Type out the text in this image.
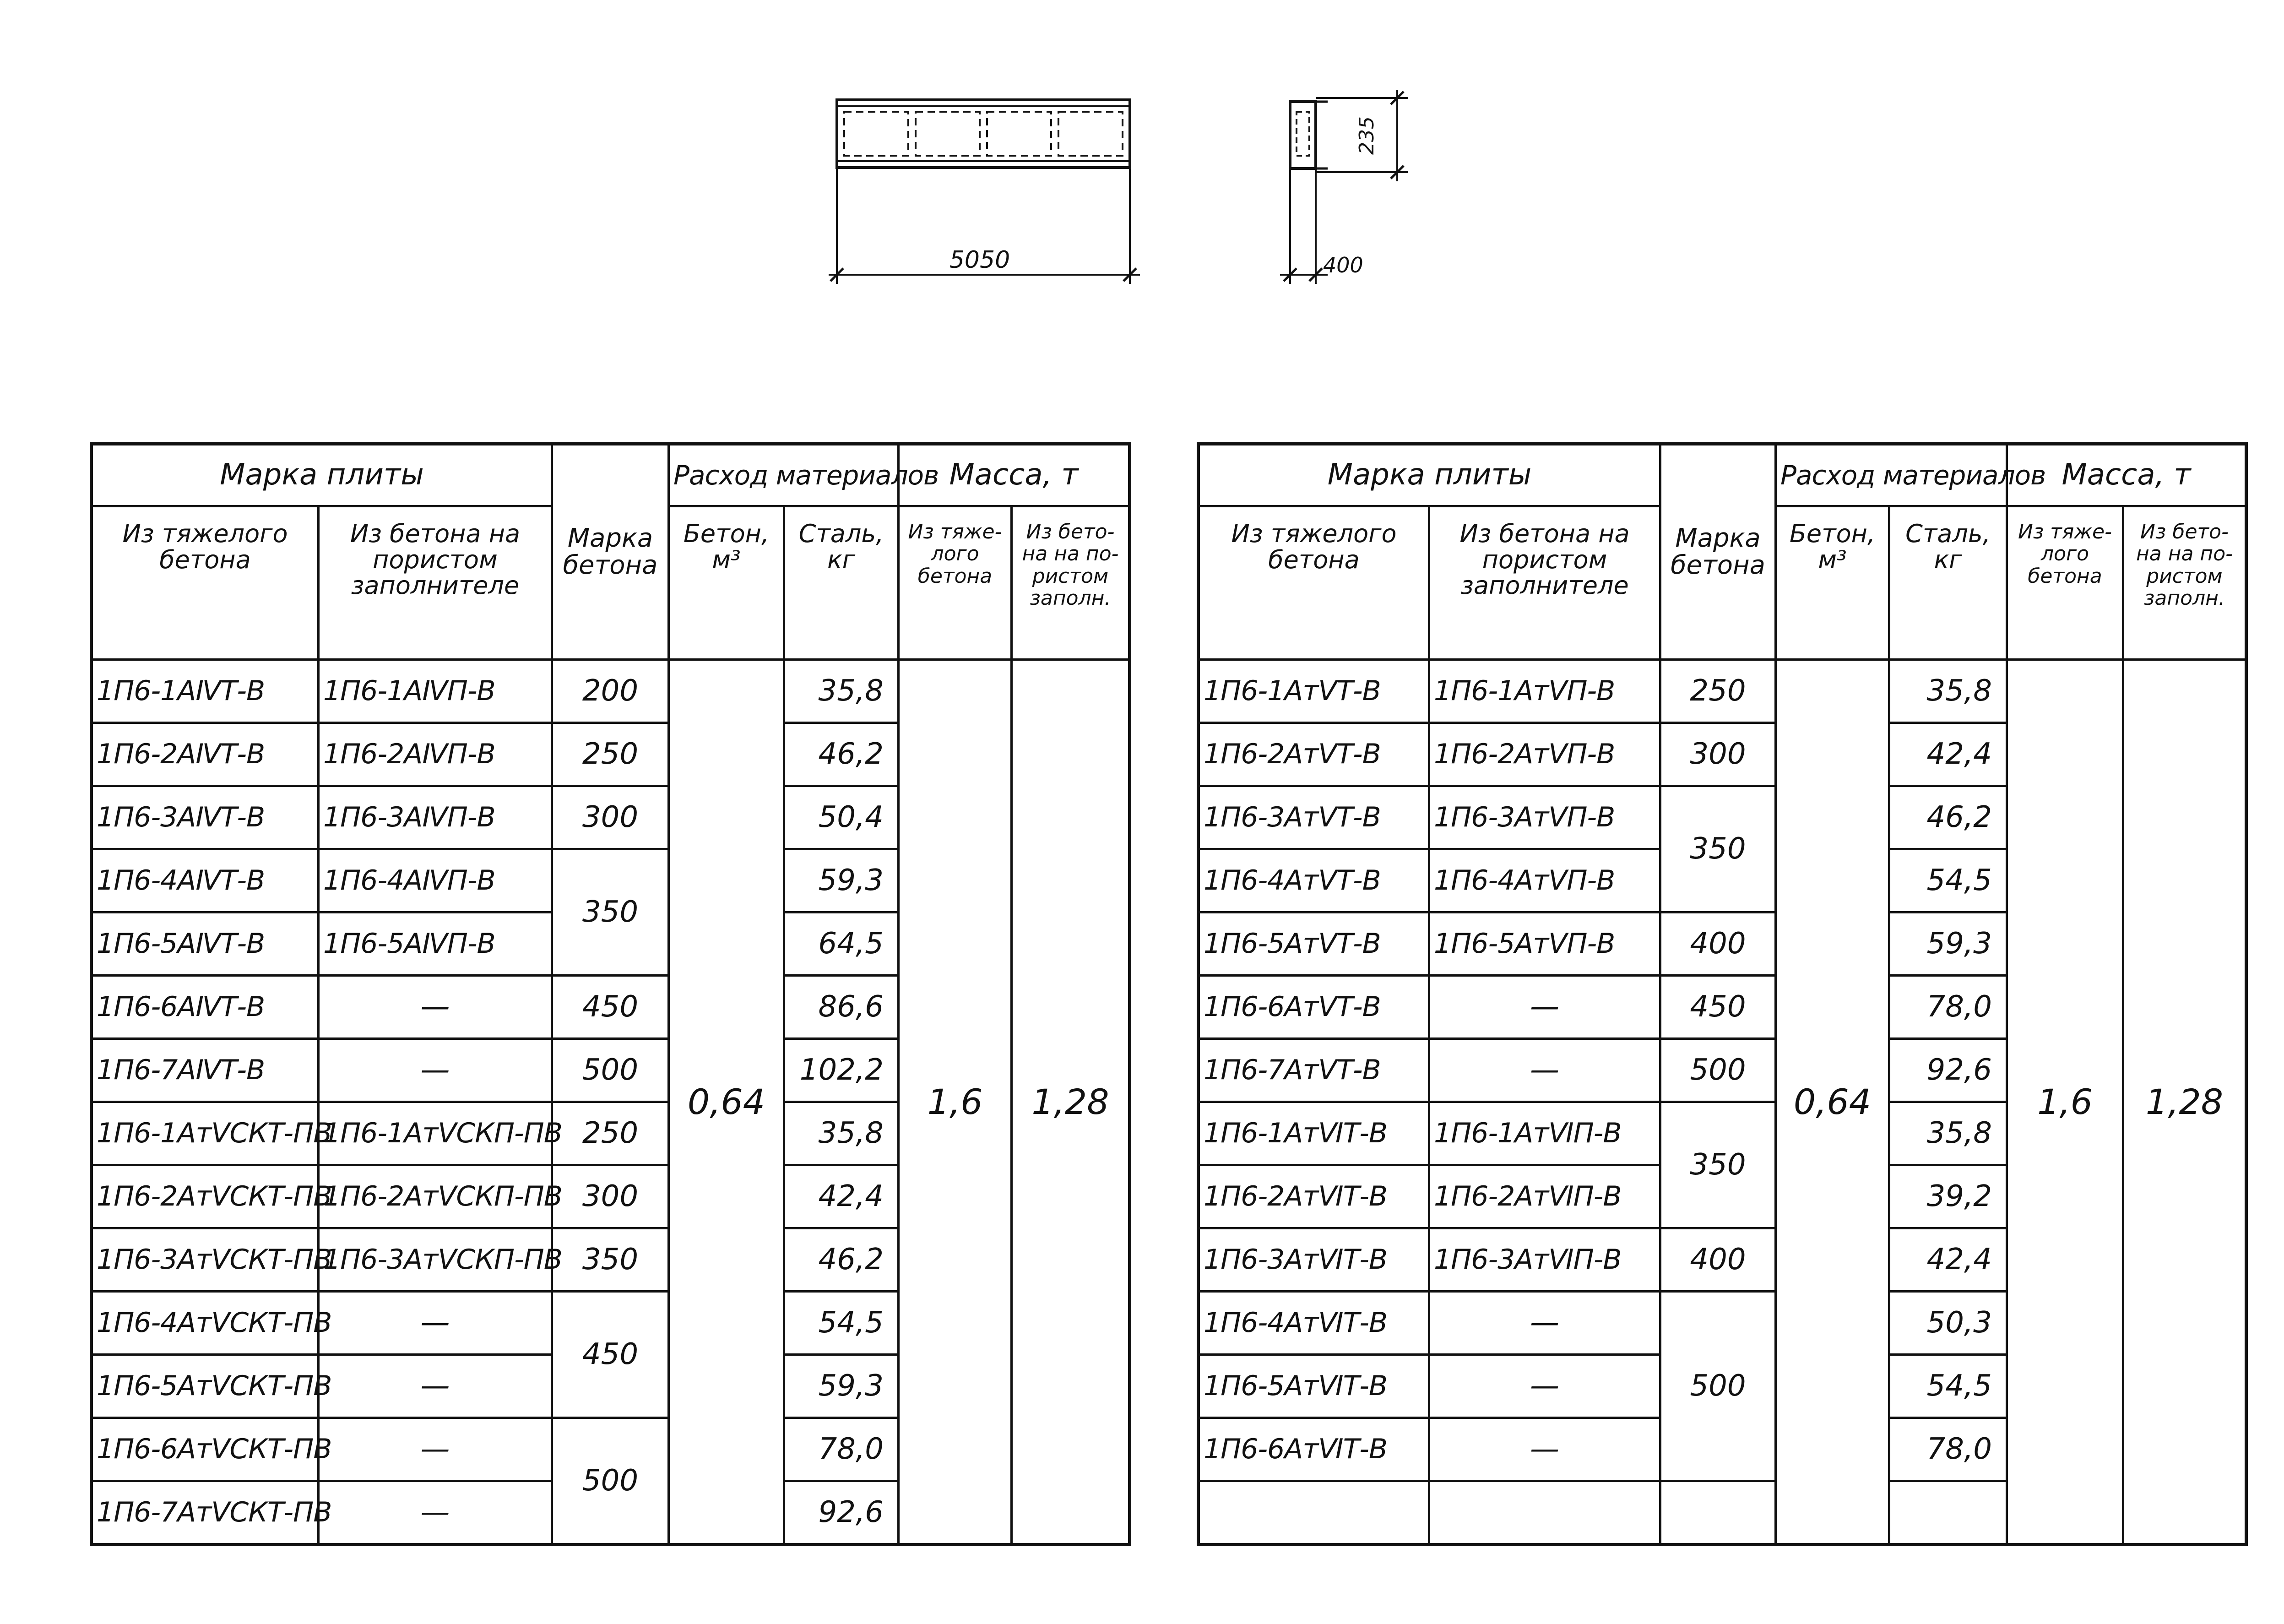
5050	400
235
Марка плиты		Марка бетона	Расход материалов		Масса, т	
Из тяжелого бетона	Из бетона на пористом заполнителе		Бетон, м³	Сталь, кг	Из тяже-лого бетона	Из бето-на на по-ристом заполн.
1П6-1АⅣТ-В	1П6-1АⅣП-В	200	0,64	35,8	1,6	1,28
1П6-2АⅣТ-В	1П6-2АⅣП-В	250		46,2		
1П6-3АⅣТ-В	1П6-3АⅣП-В	300		50,4		
1П6-4АⅣТ-В	1П6-4АⅣП-В	350		59,3		
1П6-5АⅣТ-В	1П6-5АⅣП-В			64,5		
1П6-6АⅣТ-В	—	450		86,6		
1П6-7АⅣТ-В	—	500		102,2		
1П6-1АтⅤСКТ-ПВ	1П6-1АтⅤСКП-ПВ	250		35,8		
1П6-2АтⅤСКТ-ПВ	1П6-2АтⅤСКП-ПВ	300		42,4		
1П6-3АтⅤСКТ-ПВ	1П6-3АтⅤСКП-ПВ	350		46,2		
1П6-4АтⅤСКТ-ПВ	—	450		54,5		
1П6-5АтⅤСКТ-ПВ	—			59,3		
1П6-6АтⅤСКТ-ПВ	—	500		78,0		
1П6-7АтⅤСКТ-ПВ	—			92,6		
Марка плиты		Марка бетона	Расход материалов		Масса, т	
Из тяжелого бетона	Из бетона на пористом заполнителе		Бетон, м³	Сталь, кг	Из тяже-лого бетона	Из бето-на на по-ристом заполн.
1П6-1АтⅤТ-В	1П6-1АтⅤП-В	250	0,64	35,8	1,6	1,28
1П6-2АтⅤТ-В	1П6-2АтⅤП-В	300		42,4		
1П6-3АтⅤТ-В	1П6-3АтⅤП-В	350		46,2		
1П6-4АтⅤТ-В	1П6-4АтⅤП-В			54,5		
1П6-5АтⅤТ-В	1П6-5АтⅤП-В	400		59,3		
1П6-6АтⅤТ-В	—	450		78,0		
1П6-7АтⅤТ-В	—	500		92,6		
1П6-1АтⅥТ-В	1П6-1АтⅥП-В	350		35,8		
1П6-2АтⅥТ-В	1П6-2АтⅥП-В			39,2		
1П6-3АтⅥТ-В	1П6-3АтⅥП-В	400		42,4		
1П6-4АтⅥТ-В	—	500		50,3		
1П6-5АтⅥТ-В	—			54,5		
1П6-6АтⅥТ-В	—			78,0		
